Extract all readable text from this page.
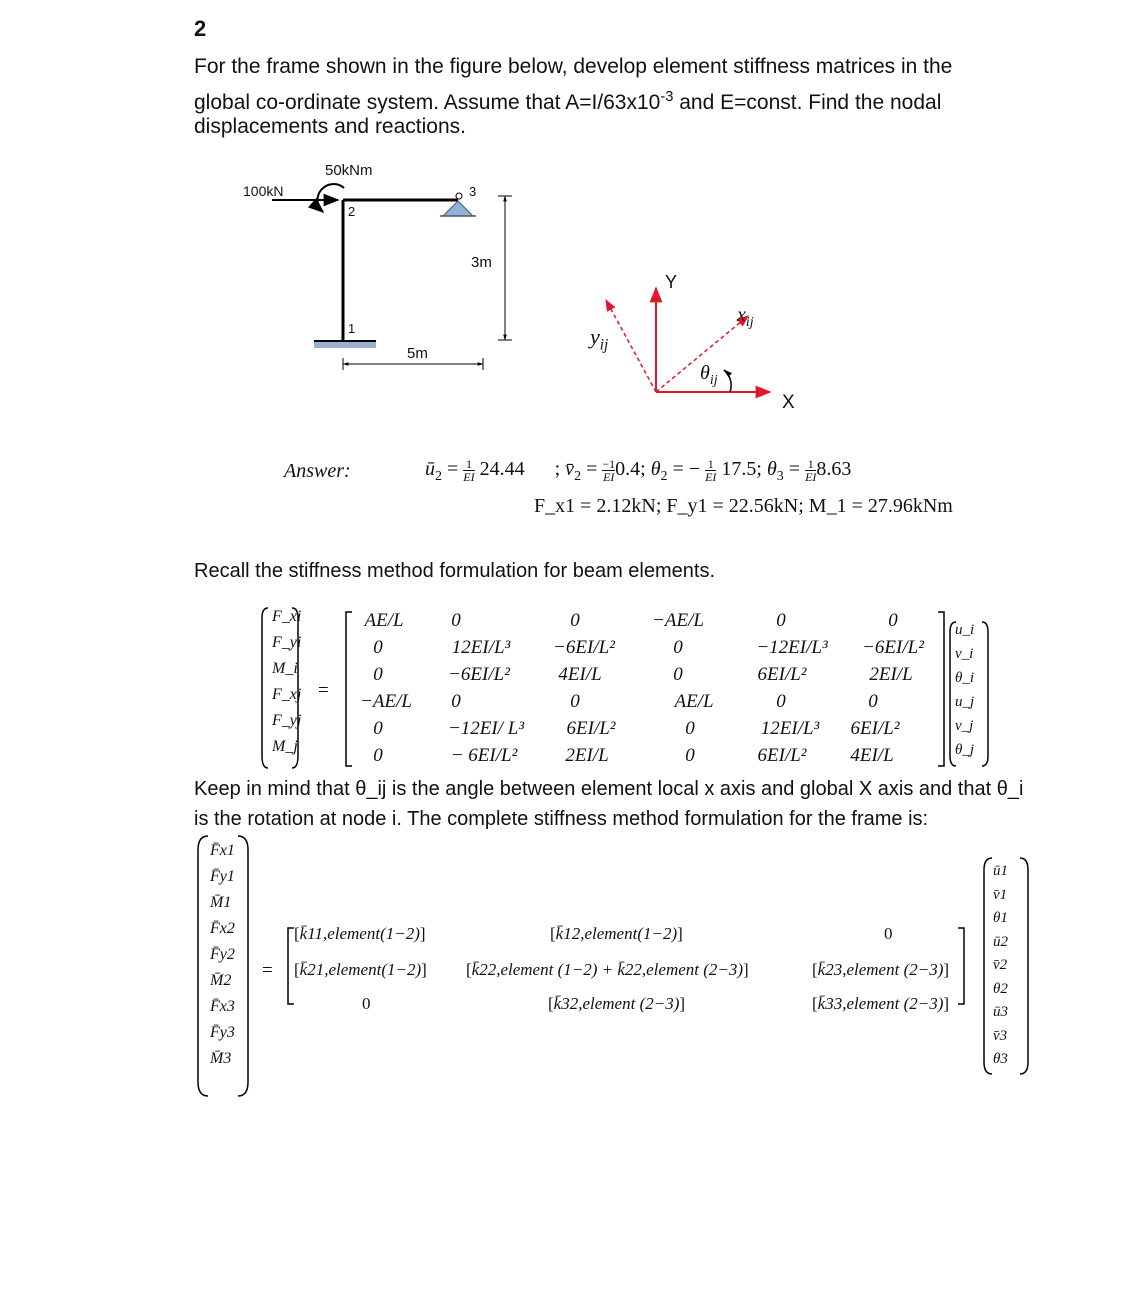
2
For the frame shown in the figure below, develop element stiffness matrices in the
global co-ordinate system. Assume that $A=I/63x10^{-3}$ and E=const. Find the nodal
displacements and reactions.
50kNm
100kN
2
3
1
3m
5m
Y
X
$y_{ij}$
$x_{ij}$
$\theta_{ij}$
Answer:	$ū_2 = \frac{1}{EI} 24.44$      ; $v̄_2 = \frac{-1}{EI} 0.4$; $\theta_2$ = − $\frac{1}{EI} 17.5$; $\theta_3 = \frac{1}{EI} 8.63$
F_x1 = 2.12kN; F_y1 = 22.56kN; M_1 = 27.96kNm
Recall the stiffness method formulation for beam elements.
F_xi
F_yi
M_i
F_xj
F_yj
M_j
=
AE/L	0	0	−AE/L	0	0
0	12EI/L³ −6EI/L²	0	−12EI/L³ −6EI/L²
0	−6EI/L²	4EI/L	0	6EI/L²	2EI/L
−AE/L 0	0	AE/L	0	0
0	−12EI/ L³ 6EI/L²	0	12EI/L³ 6EI/L²
0	− 6EI/L²	2EI/L	0	6EI/L² 4EI/L
u_i
v_i
θ_i
u_j
v_j
θ_j
Keep in mind that θ_ij is the angle between element local x axis and global X axis and that θ_i
is the rotation at node i. The complete stiffness method formulation for the frame is:
F̄x1
F̄y1
M̄1
F̄x2
F̄y2
M̄2
F̄x3
F̄y3
M̄3
=
[k̄11,element(1−2)]	[k̄12,element(1−2)]	0
[k̄21,element(1−2)] [k̄22,element (1−2) + k̄22,element (2−3)]	[k̄23,element (2−3)]
0	[k̄32,element (2−3)]	[k̄33,element (2−3)]
ū1
v̄1
θ1
ū2
v̄2
θ2
ū3
v̄3
θ3
